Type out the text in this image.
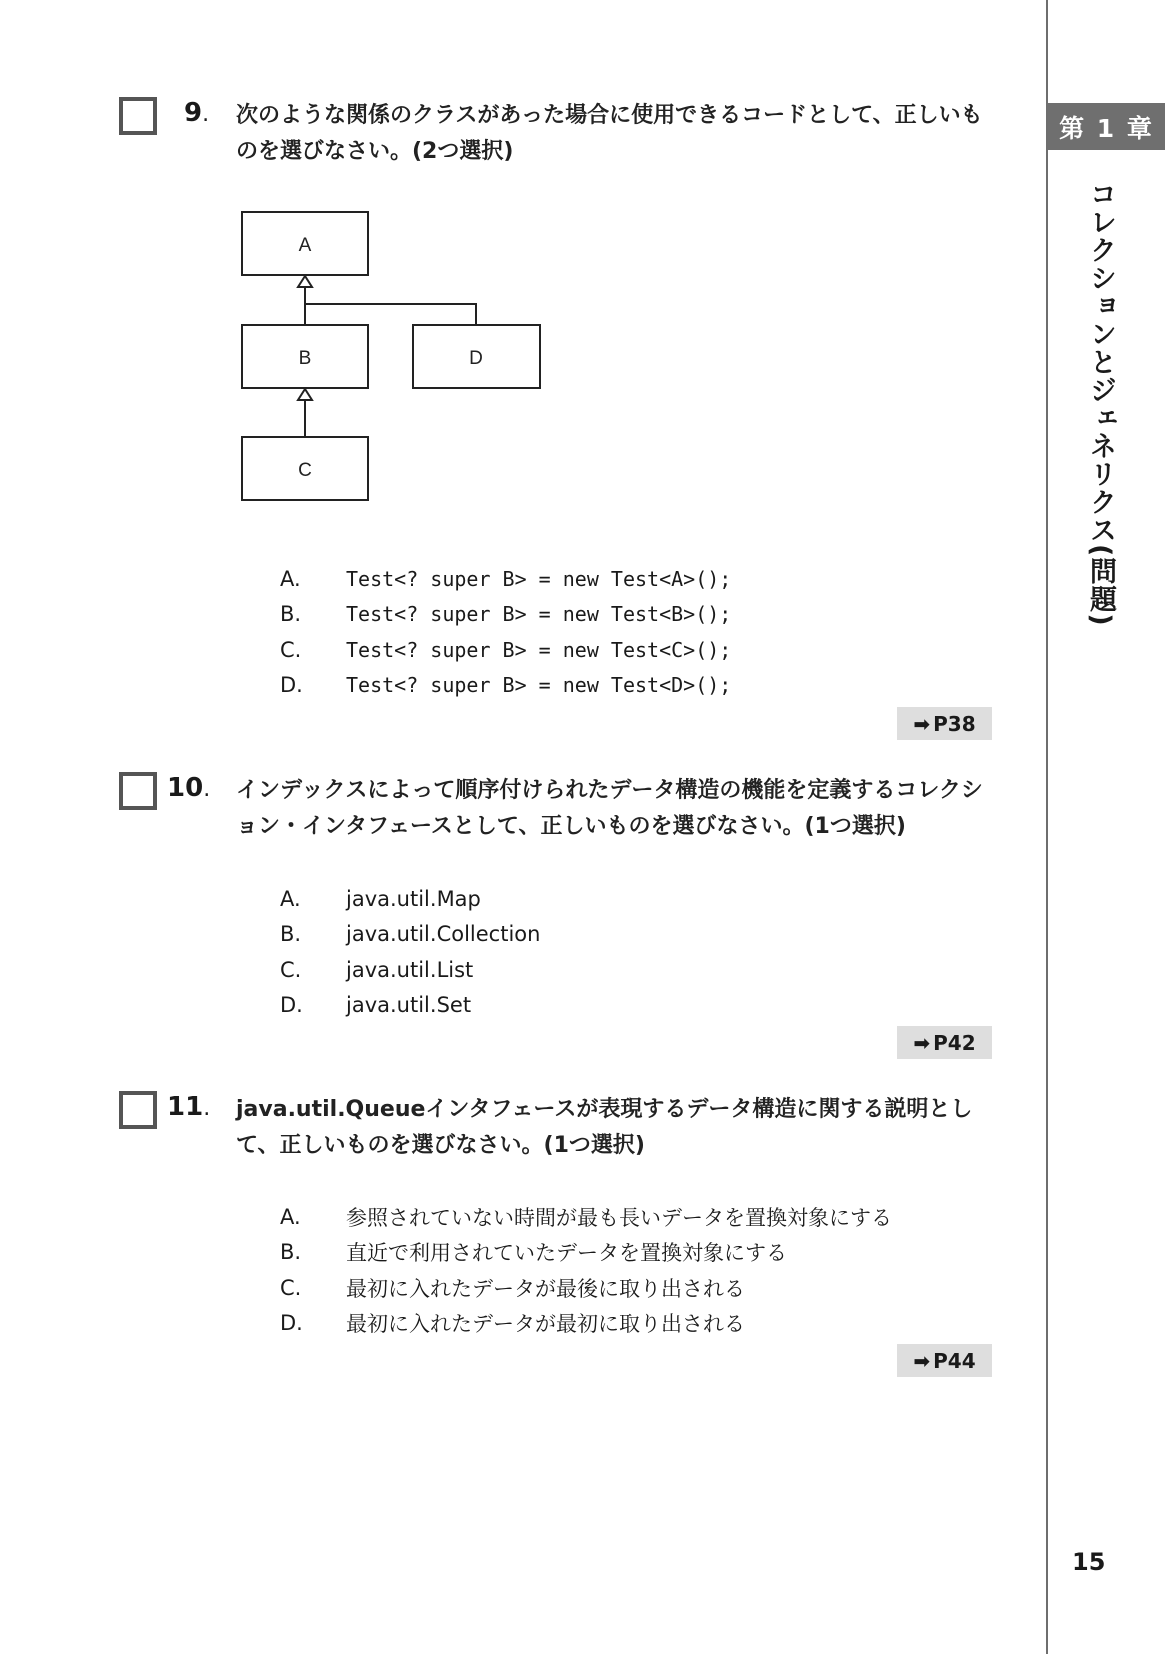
第 1 章
コレクションとジェネリクス(問題)
15
9. 次のような関係のクラスがあった場合に使用できるコードとして、正しいものを選びなさい。(2つ選択)
A
B	D
C
A.	Test<? super B> = new Test<A>();
B.	Test<? super B> = new Test<B>();
C.	Test<? super B> = new Test<C>();
D.	Test<? super B> = new Test<D>();
➡ P38
10. インデックスによって順序付けられたデータ構造の機能を定義するコレクション・インタフェースとして、正しいものを選びなさい。(1つ選択)
A.	java.util.Map
B.	java.util.Collection
C.	java.util.List
D.	java.util.Set
➡ P42
11. java.util.Queueインタフェースが表現するデータ構造に関する説明として、正しいものを選びなさい。(1つ選択)
A.	参照されていない時間が最も長いデータを置換対象にする
B.	直近で利用されていたデータを置換対象にする
C.	最初に入れたデータが最後に取り出される
D.	最初に入れたデータが最初に取り出される
➡ P44
